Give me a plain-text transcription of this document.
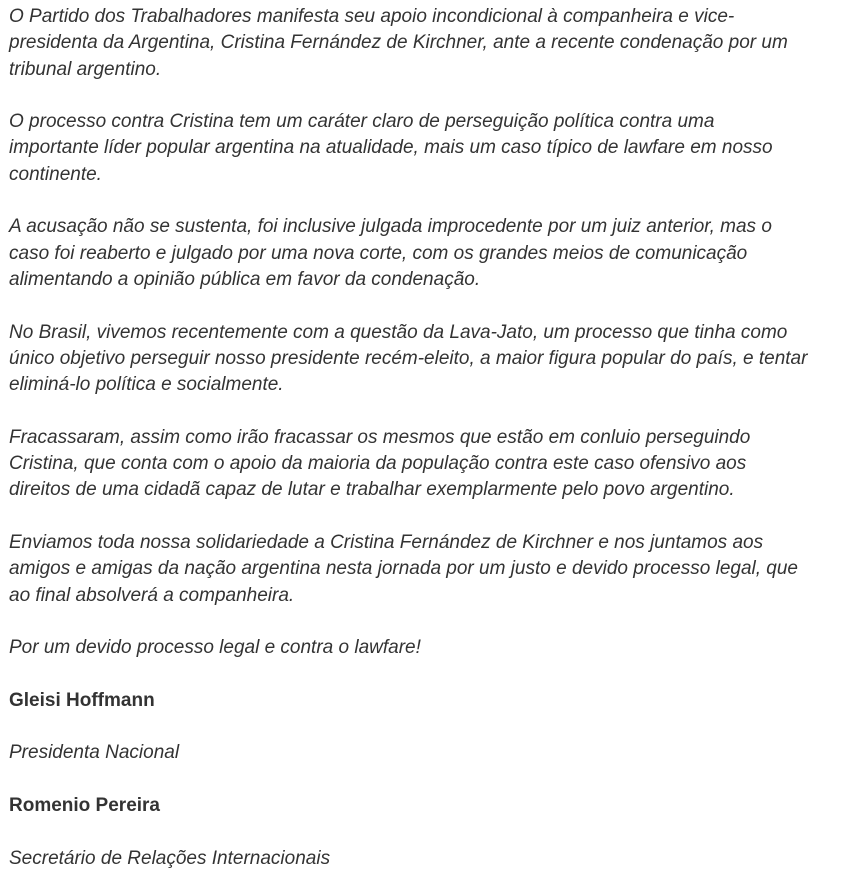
O Partido dos Trabalhadores manifesta seu apoio incondicional à companheira e vice-
presidenta da Argentina, Cristina Fernández de Kirchner, ante a recente condenação por um
tribunal argentino.

O processo contra Cristina tem um caráter claro de perseguição política contra uma
importante líder popular argentina na atualidade, mais um caso típico de lawfare em nosso
continente.

A acusação não se sustenta, foi inclusive julgada improcedente por um juiz anterior, mas o
caso foi reaberto e julgado por uma nova corte, com os grandes meios de comunicação
alimentando a opinião pública em favor da condenação.

No Brasil, vivemos recentemente com a questão da Lava-Jato, um processo que tinha como
único objetivo perseguir nosso presidente recém-eleito, a maior figura popular do país, e tentar
eliminá-lo política e socialmente.

Fracassaram, assim como irão fracassar os mesmos que estão em conluio perseguindo
Cristina, que conta com o apoio da maioria da população contra este caso ofensivo aos
direitos de uma cidadã capaz de lutar e trabalhar exemplarmente pelo povo argentino.

Enviamos toda nossa solidariedade a Cristina Fernández de Kirchner e nos juntamos aos
amigos e amigas da nação argentina nesta jornada por um justo e devido processo legal, que
ao final absolverá a companheira.

Por um devido processo legal e contra o lawfare!

Gleisi Hoffmann

Presidenta Nacional

Romenio Pereira

Secretário de Relações Internacionais
